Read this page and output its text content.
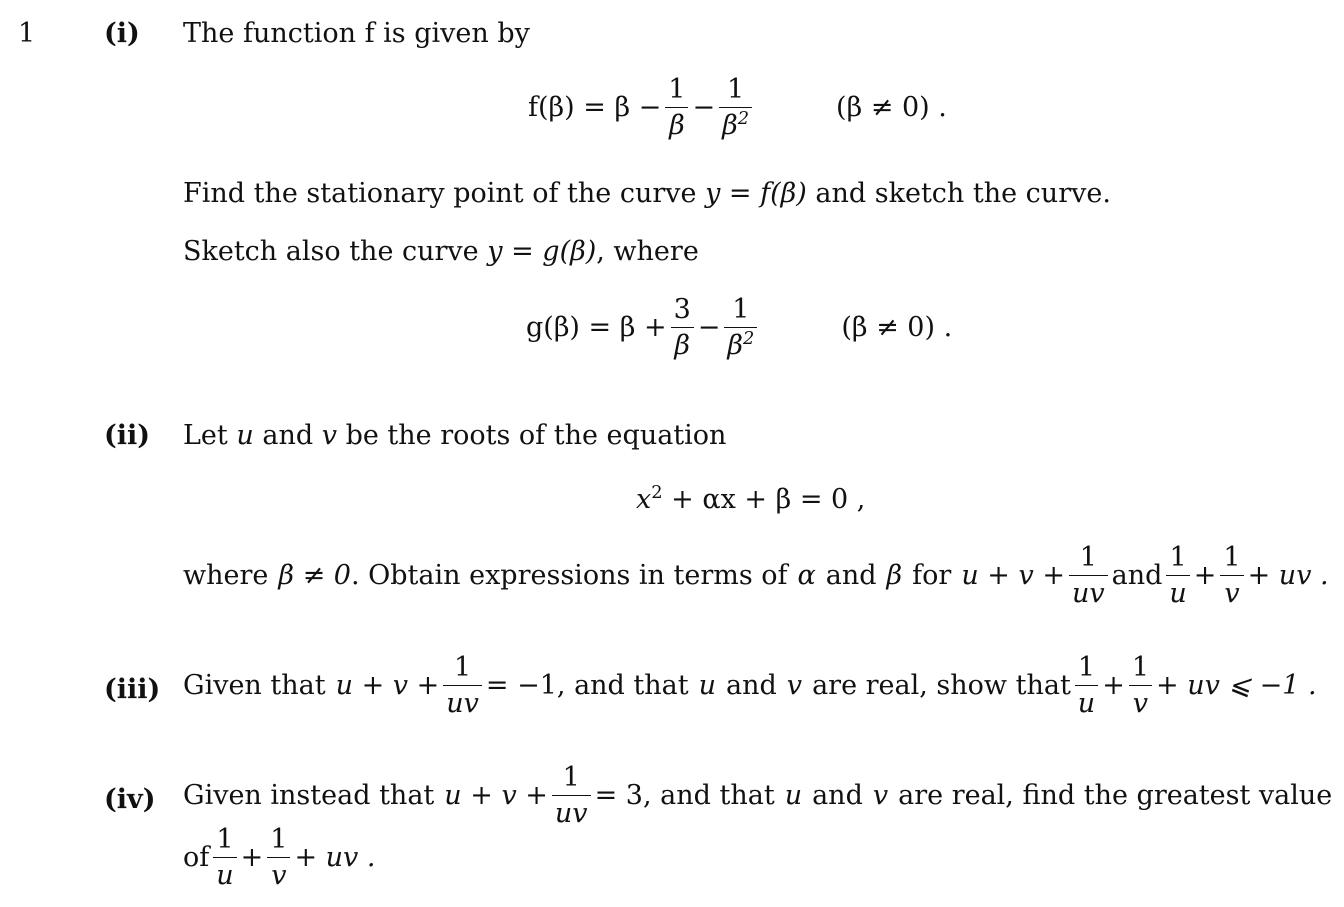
1	(i) The function f is given by
$f(\beta) = \beta - \frac{1}{\beta} - \frac{1}{\beta^2}$	(β ≠ 0) .
Find the stationary point of the curve y = f(β) and sketch the curve.
Sketch also the curve y = g(β), where
$g(\beta) = \beta + \frac{3}{\beta} - \frac{1}{\beta^2}$	(β ≠ 0) .
(ii) Let u and v be the roots of the equation
$x^2 + \alpha x + \beta = 0$ ,
where β ≠ 0 . Obtain expressions in terms of α and β for $u + v + \frac{1}{uv}$ and $\frac{1}{u} + \frac{1}{v}$ + uv .
(iii) Given that $u + v + \frac{1}{uv} = -1$ , and that u and v are real, show that $\frac{1}{u} + \frac{1}{v}$ + uv ⩽ −1 .
(iv) Given instead that $u + v + \frac{1}{uv} = 3$ , and that u and v are real, find the greatest value
of $\frac{1}{u} + \frac{1}{v}$ + uv .
